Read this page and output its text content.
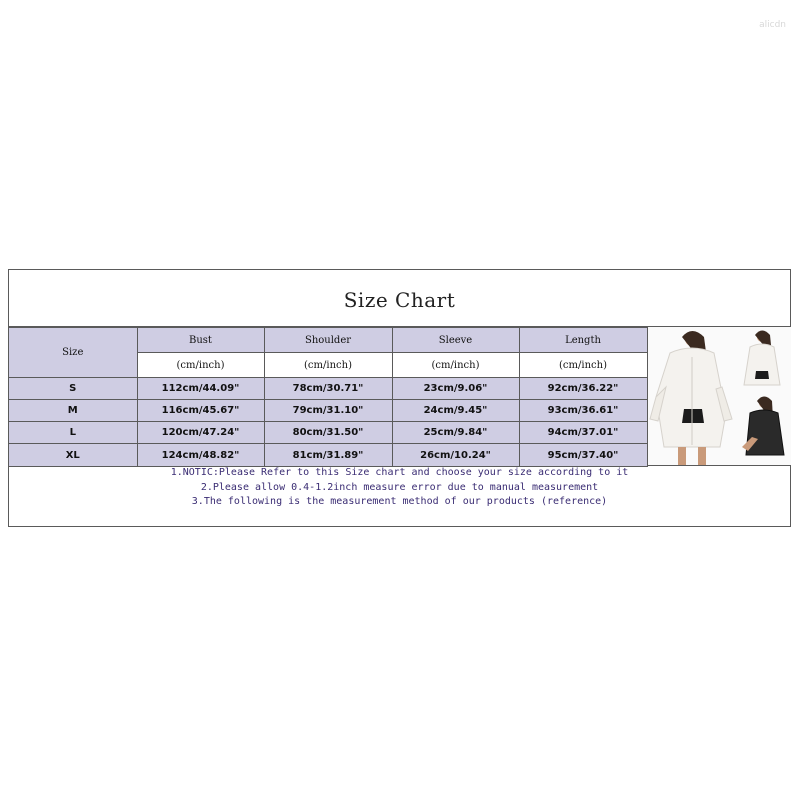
alicdn
Size Chart
Size	Bust	Shoulder	Sleeve	Length
	(cm/inch)	(cm/inch)	(cm/inch)	(cm/inch)
S	112cm/44.09"	78cm/30.71"	23cm/9.06"	92cm/36.22"
M	116cm/45.67"	79cm/31.10"	24cm/9.45"	93cm/36.61"
L	120cm/47.24"	80cm/31.50"	25cm/9.84"	94cm/37.01"
XL	124cm/48.82"	81cm/31.89"	26cm/10.24"	95cm/37.40"
1.NOTIC:Please Refer to this Size chart and choose your size according to it
2.Please allow 0.4-1.2inch measure error due to manual measurement
3.The following is the measurement method of our products (reference)
